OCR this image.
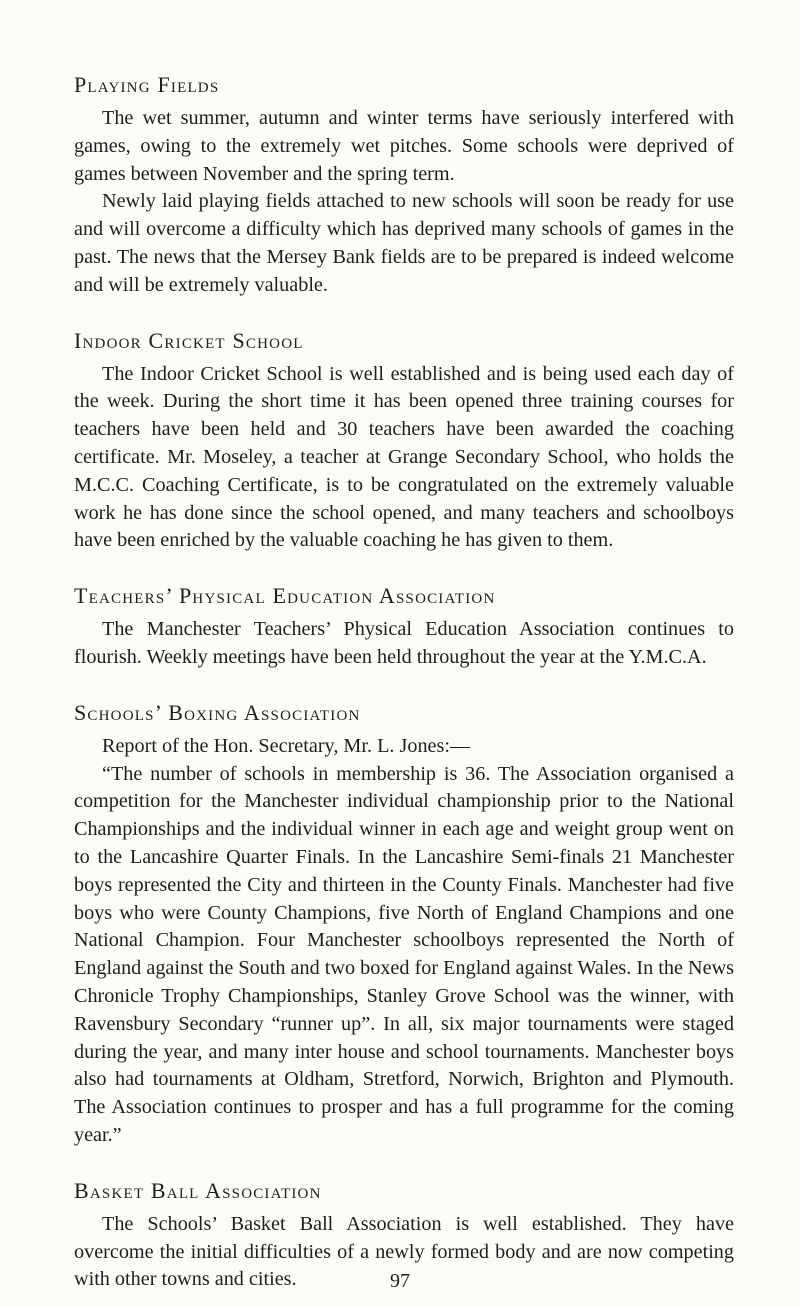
Playing Fields

The wet summer, autumn and winter terms have seriously interfered with games, owing to the extremely wet pitches. Some schools were deprived of games between November and the spring term.

Newly laid playing fields attached to new schools will soon be ready for use and will overcome a difficulty which has deprived many schools of games in the past. The news that the Mersey Bank fields are to be prepared is indeed welcome and will be extremely valuable.

Indoor Cricket School

The Indoor Cricket School is well established and is being used each day of the week. During the short time it has been opened three training courses for teachers have been held and 30 teachers have been awarded the coaching certificate. Mr. Moseley, a teacher at Grange Secondary School, who holds the M.C.C. Coaching Certificate, is to be congratulated on the extremely valuable work he has done since the school opened, and many teachers and schoolboys have been enriched by the valuable coaching he has given to them.

Teachers’ Physical Education Association

The Manchester Teachers’ Physical Education Association continues to flourish. Weekly meetings have been held throughout the year at the Y.M.C.A.

Schools’ Boxing Association

Report of the Hon. Secretary, Mr. L. Jones:—

“The number of schools in membership is 36. The Association organised a competition for the Manchester individual championship prior to the National Championships and the individual winner in each age and weight group went on to the Lancashire Quarter Finals. In the Lancashire Semi-finals 21 Manchester boys represented the City and thirteen in the County Finals. Manchester had five boys who were County Champions, five North of England Champions and one National Champion. Four Manchester schoolboys represented the North of England against the South and two boxed for England against Wales. In the News Chronicle Trophy Championships, Stanley Grove School was the winner, with Ravensbury Secondary “runner up”. In all, six major tournaments were staged during the year, and many inter house and school tournaments. Manchester boys also had tournaments at Oldham, Stretford, Norwich, Brighton and Plymouth. The Association continues to prosper and has a full programme for the coming year.”

Basket Ball Association

The Schools’ Basket Ball Association is well established. They have overcome the initial difficulties of a newly formed body and are now competing with other towns and cities.	97
